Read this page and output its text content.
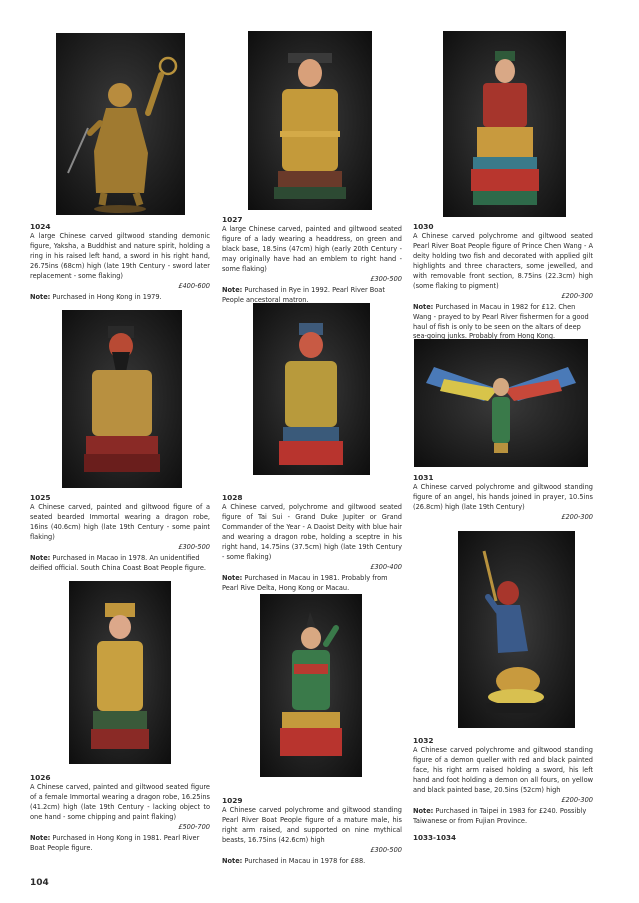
1024
A large Chinese carved giltwood standing demonic figure, Yaksha, a Buddhist and nature spirit, holding a ring in his raised left hand, a sword in his right hand, 26.75ins (68cm) high (late 19th Century - sword later replacement - some flaking)
£400-600
Note: Purchased in Hong Kong in 1979.
1027
A large Chinese carved, painted and giltwood seated figure of a lady wearing a headdress, on green and black base, 18.5ins (47cm) high (early 20th Century - may originally have had an emblem to right hand - some flaking)
£300-500
Note: Purchased in Rye in 1992. Pearl River Boat People ancestoral matron.
1030
A Chinese carved polychrome and giltwood seated Pearl River Boat People figure of Prince Chen Wang - A deity holding two fish and decorated with applied gilt highlights and three characters, some jewelled, and with removable front section, 8.75ins (22.3cm) high (some flaking to pigment)
£200-300
Note: Purchased in Macau in 1982 for £12. Chen Wang - prayed to by Pearl River fishermen for a good haul of fish is only to be seen on the altars of deep sea-going junks. Probably from Hong Kong.
1025
A Chinese carved, painted and giltwood figure of a seated bearded Immortal wearing a dragon robe, 16ins (40.6cm) high (late 19th Century - some paint flaking)
£300-500
Note: Purchased in Macao in 1978. An unidentified deified official. South China Coast Boat People figure.
1028
A Chinese carved, polychrome and giltwood seated figure of Tai Sui - Grand Duke Jupiter or Grand Commander of the Year - A Daoist Deity with blue hair and wearing a dragon robe, holding a sceptre in his right hand, 14.75ins (37.5cm) high (late 19th Century - some flaking)
£300-400
Note: Purchased in Macau in 1981. Probably from Pearl Rive Delta, Hong Kong or Macau.
1031
A Chinese carved polychrome and giltwood standing figure of an angel, his hands joined in prayer, 10.5ins (26.8cm) high (late 19th Century)
£200-300
1026
A Chinese carved, painted and giltwood seated figure of a female Immortal wearing a dragon robe, 16.25ins (41.2cm) high (late 19th Century - lacking object to one hand - some chipping and paint flaking)
£500-700
Note: Purchased in Hong Kong in 1981. Pearl River Boat People figure.
1029
A Chinese carved polychrome and giltwood standing Pearl River Boat People figure of a mature male, his right arm raised, and supported on nine mythical beasts, 16.75ins (42.6cm) high
£300-500
Note: Purchased in Macau in 1978 for £88.
1032
A Chinese carved polychrome and giltwood standing figure of a demon queller with red and black painted face, his right arm raised holding a sword, his left hand and foot holding a demon on all fours, on yellow and black painted base, 20.5ins (52cm) high
£200-300
Note: Purchased in Taipei in 1983 for £240. Possibly Taiwanese or from Fujian Province.
1033-1034
104
